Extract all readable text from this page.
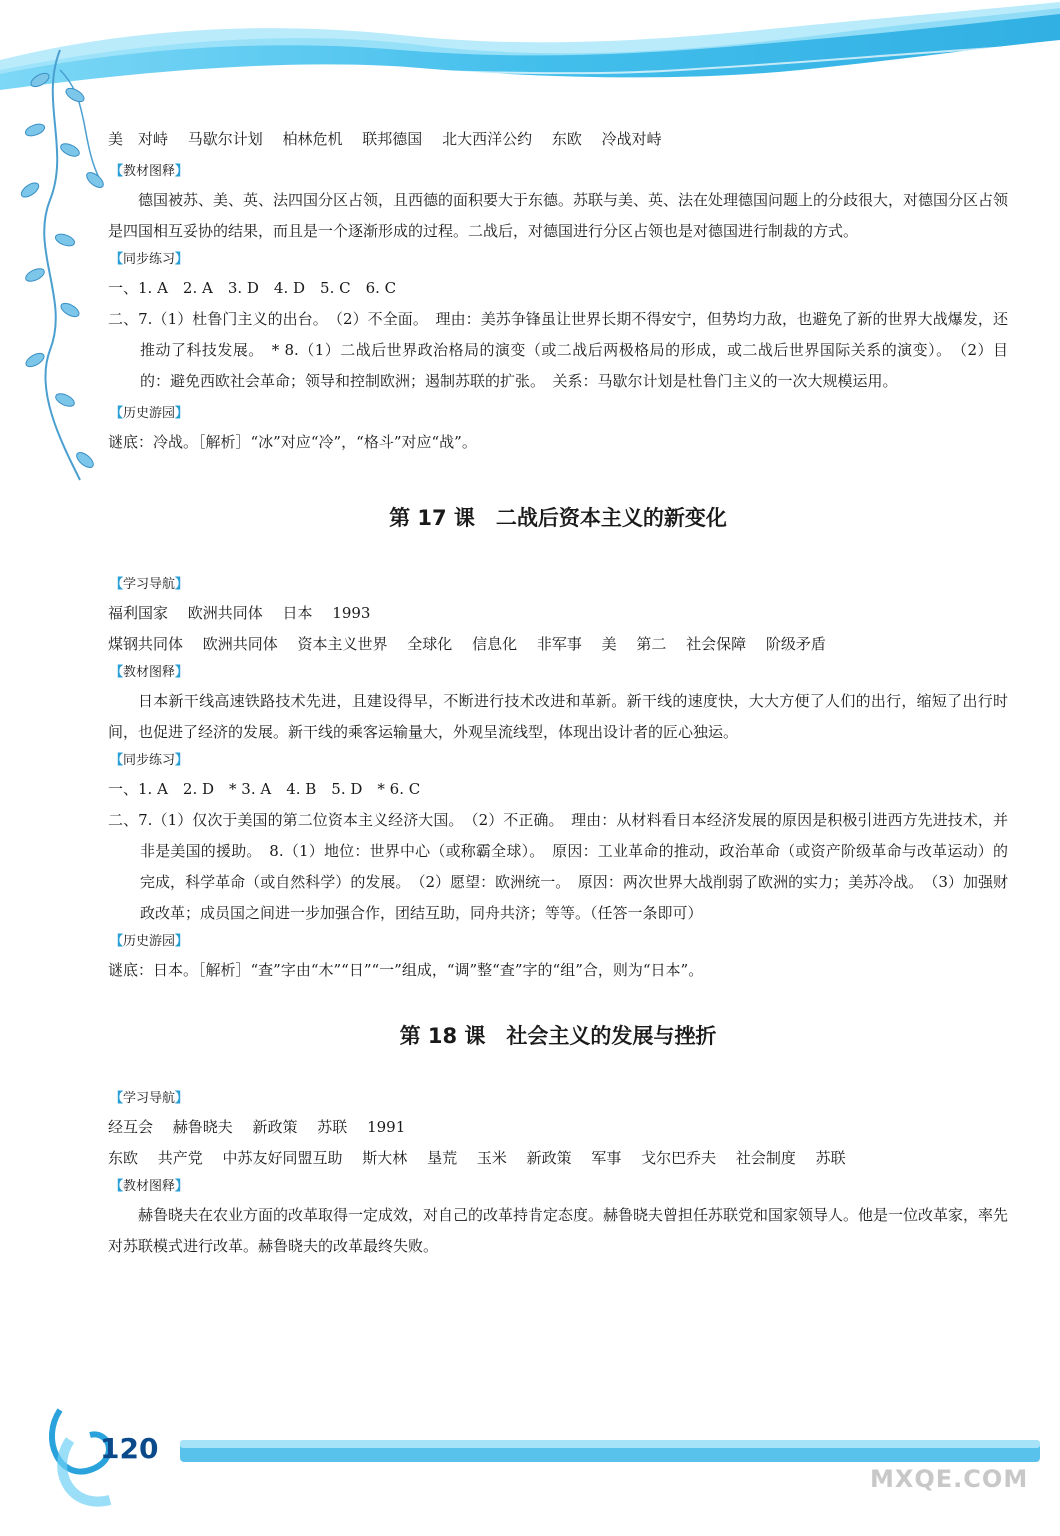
120
MXQE.COM
美　对峙　 马歇尔计划　 柏林危机　 联邦德国　 北大西洋公约　 东欧　 冷战对峙
【教材图释】
德国被苏、美、英、法四国分区占领，且西德的面积要大于东德。苏联与美、英、法在处理德国问题上的分歧很大，对德国分区占领是四国相互妥协的结果，而且是一个逐渐形成的过程。二战后，对德国进行分区占领也是对德国进行制裁的方式。
【同步练习】
一、1. A　2. A　3. D　4. D　5. C　6. C
二、7.（1）杜鲁门主义的出台。　（2）不全面。　理由：美苏争锋虽让世界长期不得安宁，但势均力敌，也避免了新的世界大战爆发，还推动了科技发展。　* 8.（1）二战后世界政治格局的演变（或二战后两极格局的形成，或二战后世界国际关系的演变）。　（2）目的：避免西欧社会革命；领导和控制欧洲；遏制苏联的扩张。　关系：马歇尔计划是杜鲁门主义的一次大规模运用。
【历史游园】
谜底：冷战。［解析］“冰”对应“冷”，“格斗”对应“战”。
第 17 课　二战后资本主义的新变化
【学习导航】
福利国家　 欧洲共同体　 日本　 1993
煤钢共同体　 欧洲共同体　 资本主义世界　 全球化　 信息化　 非军事　 美　 第二　 社会保障　 阶级矛盾
【教材图释】
日本新干线高速铁路技术先进，且建设得早，不断进行技术改进和革新。新干线的速度快，大大方便了人们的出行，缩短了出行时间，也促进了经济的发展。新干线的乘客运输量大，外观呈流线型，体现出设计者的匠心独运。
【同步练习】
一、1. A　2. D　* 3. A　4. B　5. D　* 6. C
二、7.（1）仅次于美国的第二位资本主义经济大国。　（2）不正确。　理由：从材料看日本经济发展的原因是积极引进西方先进技术，并非是美国的援助。　8.（1）地位：世界中心（或称霸全球）。　原因：工业革命的推动，政治革命（或资产阶级革命与改革运动）的完成，科学革命（或自然科学）的发展。　（2）愿望：欧洲统一。　原因：两次世界大战削弱了欧洲的实力；美苏冷战。　（3）加强财政改革；成员国之间进一步加强合作，团结互助，同舟共济；等等。（任答一条即可）
【历史游园】
谜底：日本。［解析］“查”字由“木”“日”“一”组成，“调”整“查”字的“组”合，则为“日本”。
第 18 课　社会主义的发展与挫折
【学习导航】
经互会　 赫鲁晓夫　 新政策　 苏联　 1991
东欧　 共产党　 中苏友好同盟互助　 斯大林　 垦荒　 玉米　 新政策　 军事　 戈尔巴乔夫　 社会制度　 苏联
【教材图释】
赫鲁晓夫在农业方面的改革取得一定成效，对自己的改革持肯定态度。赫鲁晓夫曾担任苏联党和国家领导人。他是一位改革家，率先对苏联模式进行改革。赫鲁晓夫的改革最终失败。
